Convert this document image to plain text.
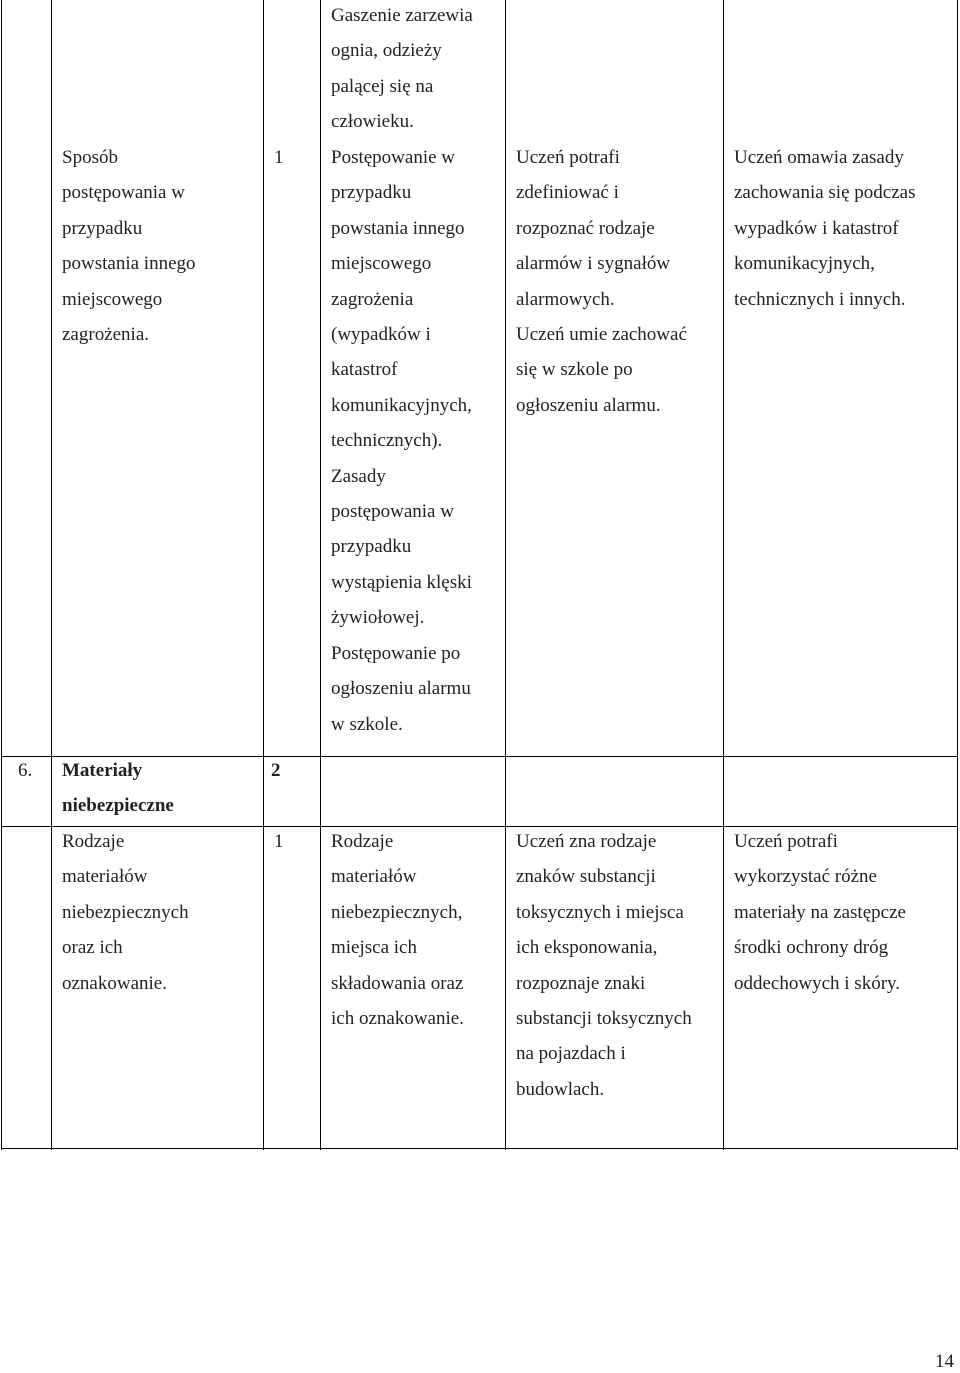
Gaszenie zarzewia
ognia, odzieży
palącej się na
człowieku.
Sposób
postępowania w
przypadku
powstania innego
miejscowego
zagrożenia.
1	Postępowanie w
przypadku
powstania innego
miejscowego
zagrożenia
(wypadków i
katastrof
komunikacyjnych,
technicznych).
Zasady
postępowania w
przypadku
wystąpienia klęski
żywiołowej.
Postępowanie po
ogłoszeniu alarmu
w szkole.
Uczeń potrafi
zdefiniować i
rozpoznać rodzaje
alarmów i sygnałów
alarmowych.
Uczeń umie zachować
się w szkole po
ogłoszeniu alarmu.
Uczeń omawia zasady
zachowania się podczas
wypadków i katastrof
komunikacyjnych,
technicznych i innych.
6. Materiały
niebezpieczne
2
Rodzaje
materiałów
niebezpiecznych
oraz ich
oznakowanie.
1	Rodzaje
materiałów
niebezpiecznych,
miejsca ich
składowania oraz
ich oznakowanie.
Uczeń zna rodzaje
znaków substancji
toksycznych i miejsca
ich eksponowania,
rozpoznaje znaki
substancji toksycznych
na pojazdach i
budowlach.
Uczeń potrafi
wykorzystać różne
materiały na zastępcze
środki ochrony dróg
oddechowych i skóry.
14
